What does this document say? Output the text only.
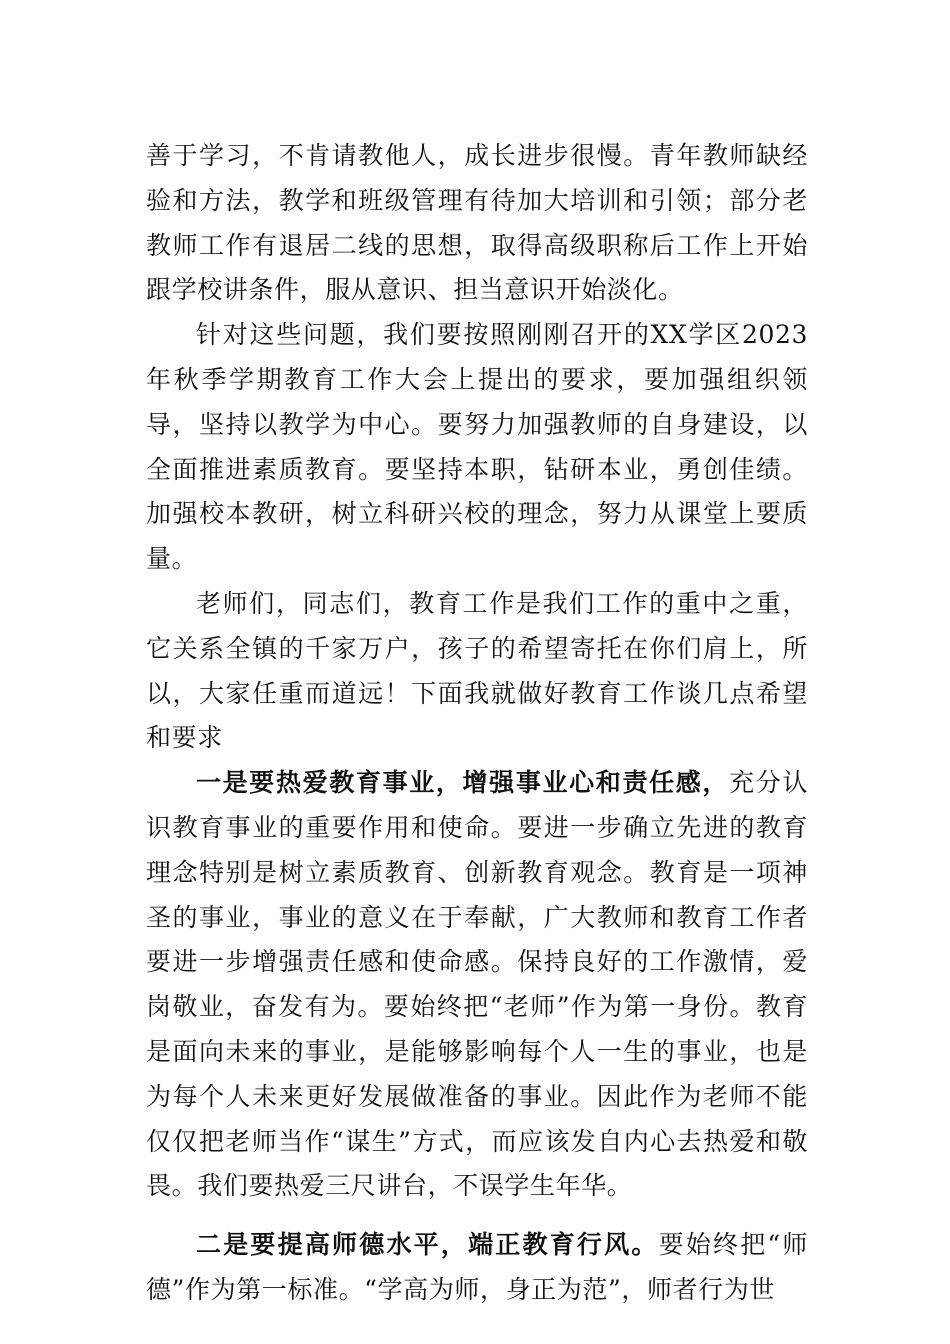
善于学习，不肯请教他人，成长进步很慢。青年教师缺经验和方法，教学和班级管理有待加大培训和引领；部分老教师工作有退居二线的思想，取得高级职称后工作上开始跟学校讲条件，服从意识、担当意识开始淡化。

针对这些问题，我们要按照刚刚召开的XX学区2023年秋季学期教育工作大会上提出的要求，要加强组织领导，坚持以教学为中心。要努力加强教师的自身建设，以全面推进素质教育。要坚持本职，钻研本业，勇创佳绩。加强校本教研，树立科研兴校的理念，努力从课堂上要质量。

老师们，同志们，教育工作是我们工作的重中之重，它关系全镇的千家万户，孩子的希望寄托在你们肩上，所以，大家任重而道远！下面我就做好教育工作谈几点希望和要求

一是要热爱教育事业，增强事业心和责任感，充分认识教育事业的重要作用和使命。要进一步确立先进的教育理念特别是树立素质教育、创新教育观念。教育是一项神圣的事业，事业的意义在于奉献，广大教师和教育工作者要进一步增强责任感和使命感。保持良好的工作激情，爱岗敬业，奋发有为。要始终把“老师”作为第一身份。教育是面向未来的事业，是能够影响每个人一生的事业，也是为每个人未来更好发展做准备的事业。因此作为老师不能仅仅把老师当作“谋生”方式，而应该发自内心去热爱和敬畏。我们要热爱三尺讲台，不误学生年华。

二是要提高师德水平，端正教育行风。要始终把“师德”作为第一标准。“学高为师，身正为范”，师者行为世
